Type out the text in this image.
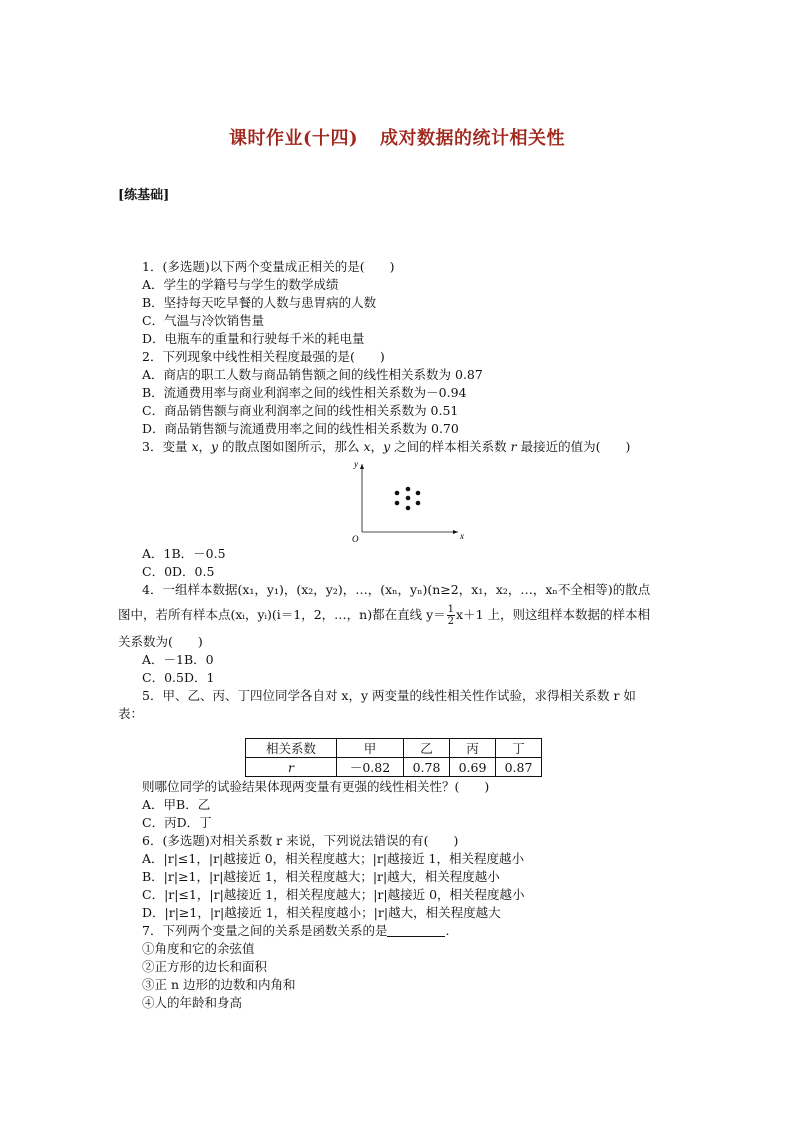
课时作业(十四) 成对数据的统计相关性
[练基础]
1．(多选题)以下两个变量成正相关的是(　　)
A．学生的学籍号与学生的数学成绩
B．坚持每天吃早餐的人数与患胃病的人数
C．气温与冷饮销售量
D．电瓶车的重量和行驶每千米的耗电量
2．下列现象中线性相关程度最强的是(　　)
A．商店的职工人数与商品销售额之间的线性相关系数为 0.87
B．流通费用率与商业利润率之间的线性相关系数为－0.94
C．商品销售额与商业利润率之间的线性相关系数为 0.51
D．商品销售额与流通费用率之间的线性相关系数为 0.70
3．变量 x，y 的散点图如图所示，那么 x，y 之间的样本相关系数 r 最接近的值为(　　)
x
y
O
A．1B．－0.5
C．0D．0.5
4．一组样本数据(x₁，y₁)，(x₂，y₂)，…，(xₙ，yₙ)(n≥2，x₁，x₂，…，xₙ不全相等)的散点
图中，若所有样本点(xᵢ，yᵢ)(i＝1，2，…，n)都在直线 $y= \frac{1}{2} x+1$ 上，则这组样本数据的样本相
关系数为(　　)
A．－1B．0
C．0.5D．1
5．甲、乙、丙、丁四位同学各自对 x，y 两变量的线性相关性作试验，求得相关系数 r 如
表：
相关系数	甲	乙	丙	丁
r	－0.82	0.78	0.69	0.87
则哪位同学的试验结果体现两变量有更强的线性相关性？(　　)
A．甲B．乙
C．丙D．丁
6．(多选题)对相关系数 r 来说，下列说法错误的有(　　)
A．|r|≤1，|r|越接近 0，相关程度越大；|r|越接近 1，相关程度越小
B．|r|≥1，|r|越接近 1，相关程度越大；|r|越大，相关程度越小
C．|r|≤1，|r|越接近 1，相关程度越大；|r|越接近 0，相关程度越小
D．|r|≥1，|r|越接近 1，相关程度越小；|r|越大，相关程度越大
7．下列两个变量之间的关系是函数关系的是	.
①角度和它的余弦值
②正方形的边长和面积
③正 n 边形的边数和内角和
④人的年龄和身高
